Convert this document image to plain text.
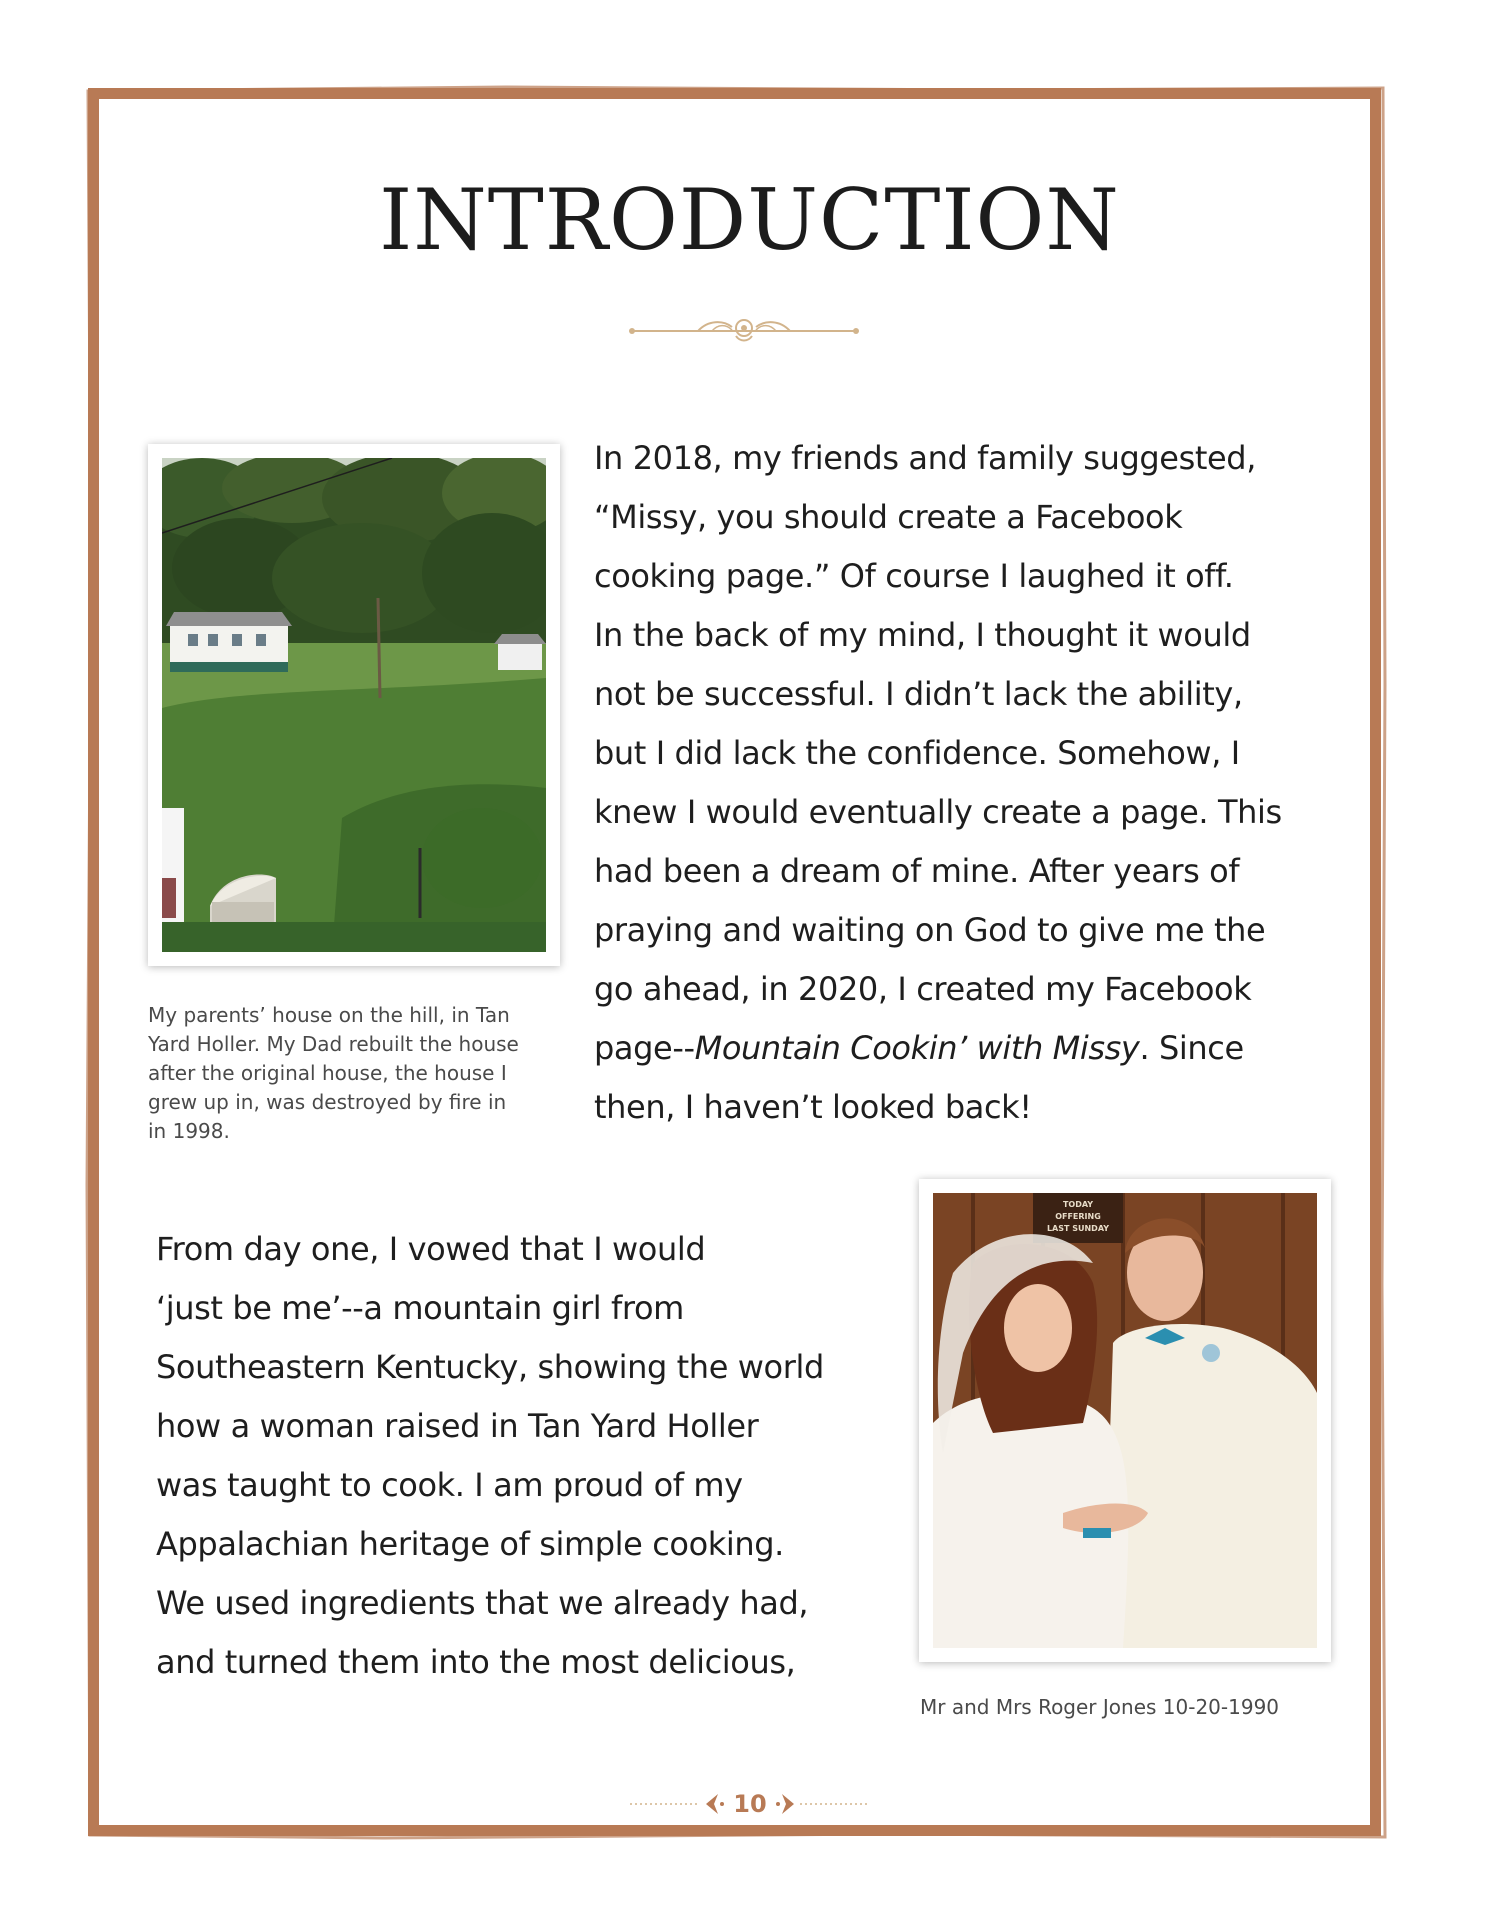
INTRODUCTION
My parents’ house on the hill, in Tan
Yard Holler. My Dad rebuilt the house
after the original house, the house I
grew up in, was destroyed by fire in
in 1998.
In 2018, my friends and family suggested,
“Missy, you should create a Facebook
cooking page.” Of course I laughed it off.
In the back of my mind, I thought it would
not be successful. I didn’t lack the ability,
but I did lack the confidence. Somehow, I
knew I would eventually create a page. This
had been a dream of mine. After years of
praying and waiting on God to give me the
go ahead, in 2020, I created my Facebook
page--Mountain Cookin’ with Missy. Since
then, I haven’t looked back!
From day one, I vowed that I would
‘just be me’--a mountain girl from
Southeastern Kentucky, showing the world
how a woman raised in Tan Yard Holler
was taught to cook. I am proud of my
Appalachian heritage of simple cooking.
We used ingredients that we already had,
and turned them into the most delicious,
TODAY
OFFERING
LAST SUNDAY
Mr and Mrs Roger Jones 10-20-1990
10
